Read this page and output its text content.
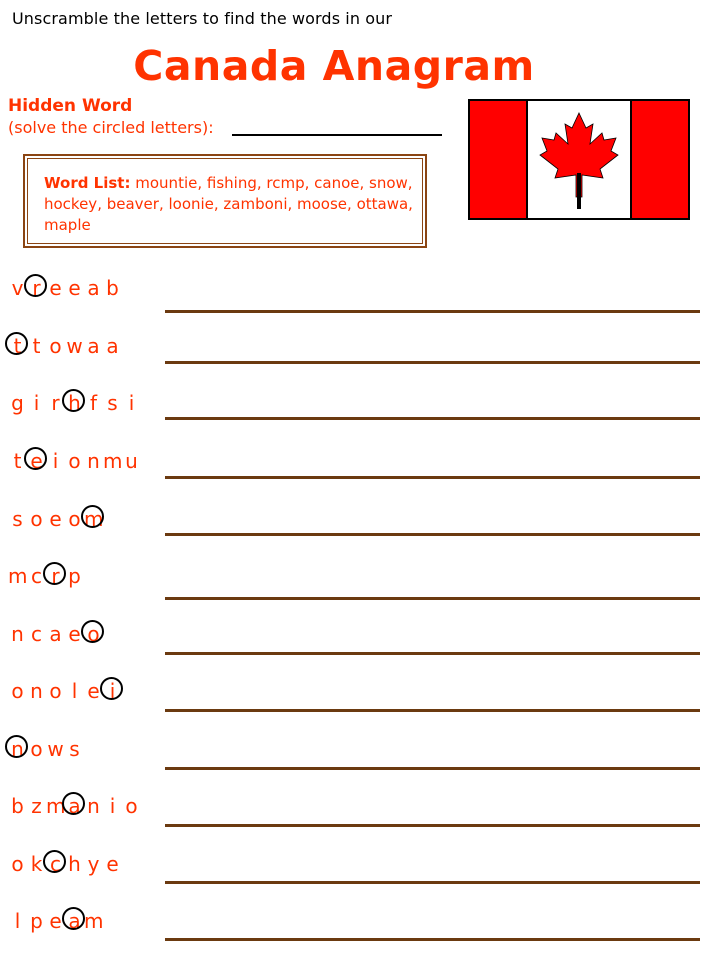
Unscramble the letters to find the words in our
Canada Anagram
Hidden Word
(solve the circled letters):
Word List: mountie, fishing, rcmp, canoe, snow, hockey, beaver, loonie, zamboni, moose, ottawa, maple
v r e e a b
t t o w a a
g i r h f s i
t e i o n m u
s o e o m
m c r p
n c a e o
o n o l e i
n o w s
b z m a n i o
o k c h y e
l p e a m
